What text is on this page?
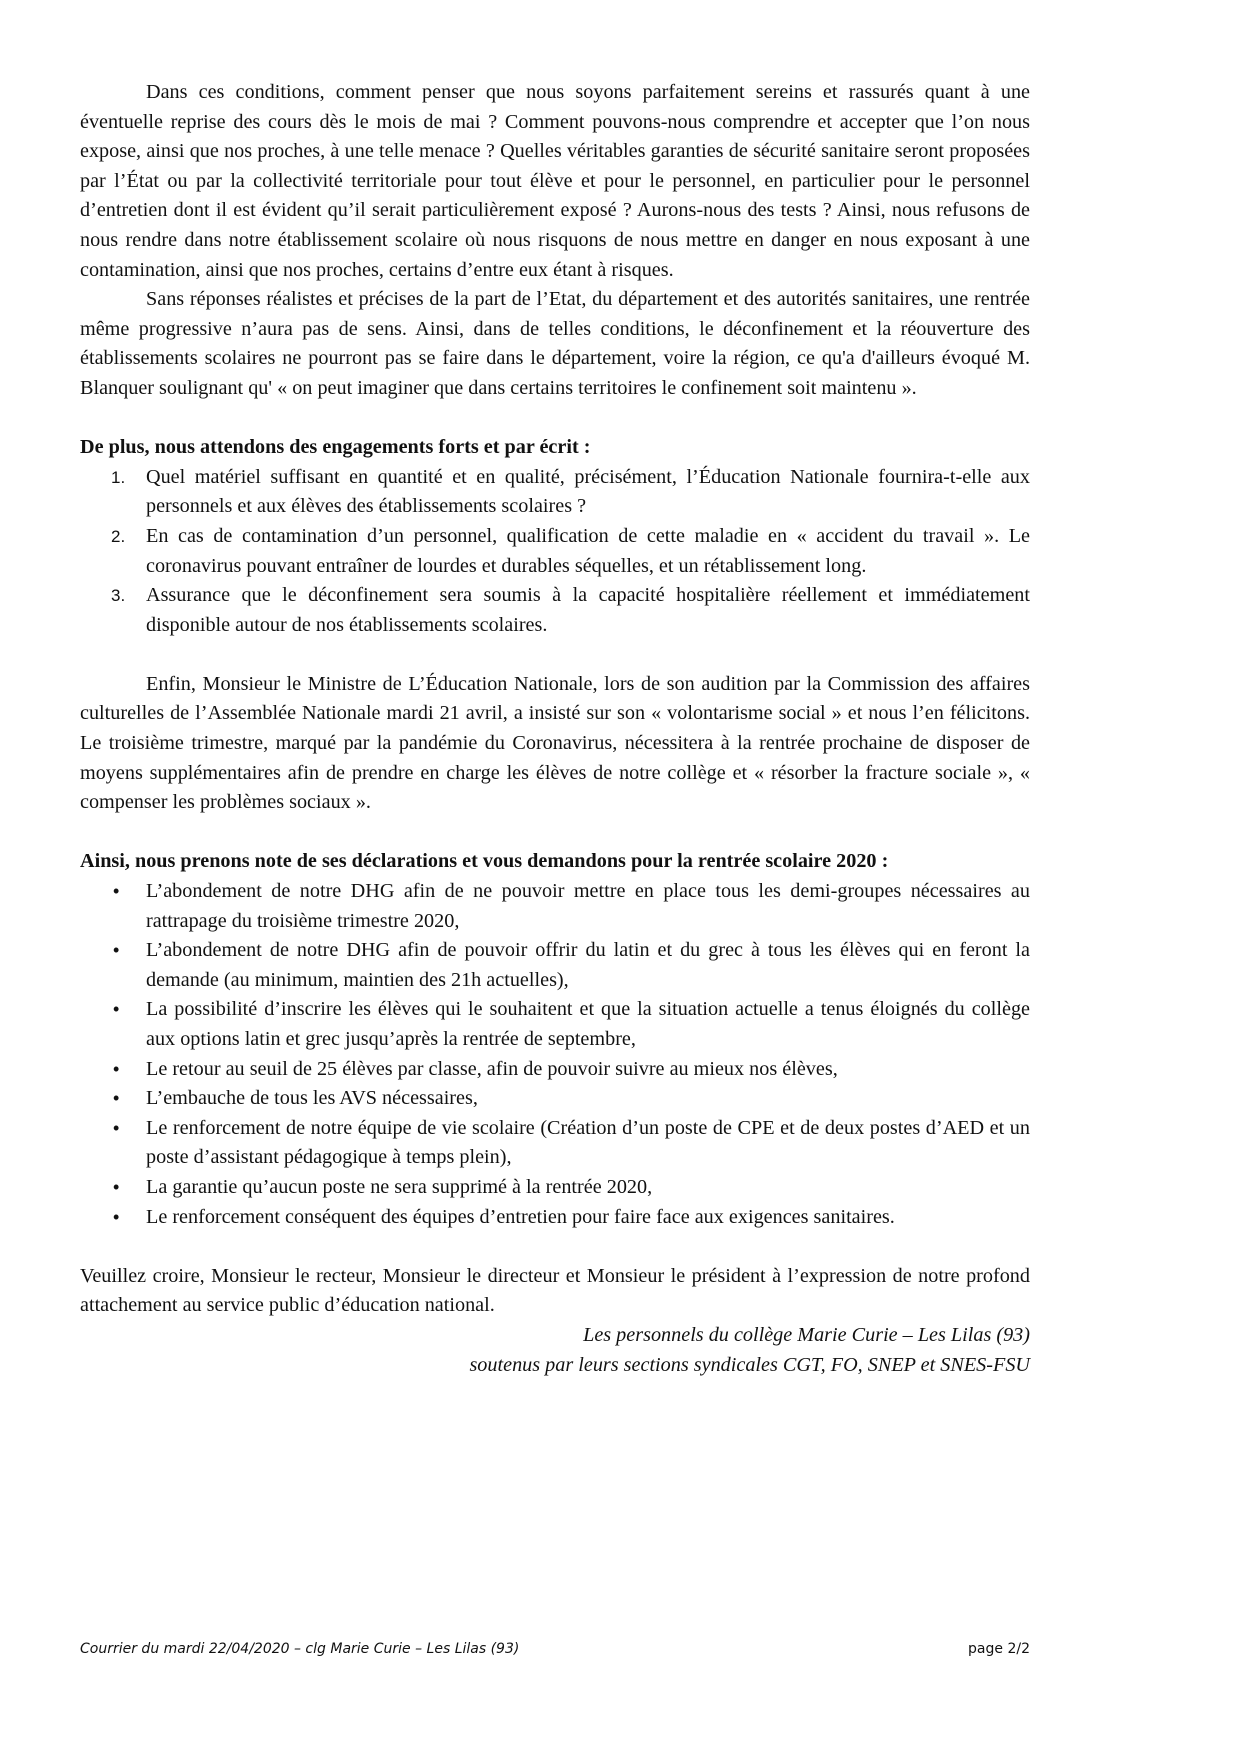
Dans ces conditions, comment penser que nous soyons parfaitement sereins et rassurés quant à une éventuelle reprise des cours dès le mois de mai ? Comment pouvons-nous comprendre et accepter que l’on nous expose, ainsi que nos proches, à une telle menace ? Quelles véritables garanties de sécurité sanitaire seront proposées par l’État ou par la collectivité territoriale pour tout élève et pour le personnel, en particulier pour le personnel d’entretien dont il est évident qu’il serait particulièrement exposé ? Aurons-nous des tests ? Ainsi, nous refusons de nous rendre dans notre établissement scolaire où nous risquons de nous mettre en danger en nous exposant à une contamination, ainsi que nos proches, certains d’entre eux étant à risques.

Sans réponses réalistes et précises de la part de l’Etat, du département et des autorités sanitaires, une rentrée même progressive n’aura pas de sens. Ainsi, dans de telles conditions, le déconfinement et la réouverture des établissements scolaires ne pourront pas se faire dans le département, voire la région, ce qu'a d'ailleurs évoqué M. Blanquer soulignant qu' « on peut imaginer que dans certains territoires le confinement soit maintenu ».

De plus, nous attendons des engagements forts et par écrit :

1. Quel matériel suffisant en quantité et en qualité, précisément, l’Éducation Nationale fournira-t-elle aux personnels et aux élèves des établissements scolaires ?
2. En cas de contamination d’un personnel, qualification de cette maladie en « accident du travail ». Le coronavirus pouvant entraîner de lourdes et durables séquelles, et un rétablissement long.
3. Assurance que le déconfinement sera soumis à la capacité hospitalière réellement et immédiatement disponible autour de nos établissements scolaires.

Enfin, Monsieur le Ministre de L’Éducation Nationale, lors de son audition par la Commission des affaires culturelles de l’Assemblée Nationale mardi 21 avril, a insisté sur son « volontarisme social » et nous l’en félicitons. Le troisième trimestre, marqué par la pandémie du Coronavirus, nécessitera à la rentrée prochaine de disposer de moyens supplémentaires afin de prendre en charge les élèves de notre collège et « résorber la fracture sociale », « compenser les problèmes sociaux ».

Ainsi, nous prenons note de ses déclarations et vous demandons pour la rentrée scolaire 2020 :

• L’abondement de notre DHG afin de ne pouvoir mettre en place tous les demi-groupes nécessaires au rattrapage du troisième trimestre 2020,
• L’abondement de notre DHG afin de pouvoir offrir du latin et du grec à tous les élèves qui en feront la demande (au minimum, maintien des 21h actuelles),
• La possibilité d’inscrire les élèves qui le souhaitent et que la situation actuelle a tenus éloignés du collège aux options latin et grec jusqu’après la rentrée de septembre,
• Le retour au seuil de 25 élèves par classe, afin de pouvoir suivre au mieux nos élèves,
• L’embauche de tous les AVS nécessaires,
• Le renforcement de notre équipe de vie scolaire (Création d’un poste de CPE et de deux postes d’AED et un poste d’assistant pédagogique à temps plein),
• La garantie qu’aucun poste ne sera supprimé à la rentrée 2020,
• Le renforcement conséquent des équipes d’entretien pour faire face aux exigences sanitaires.

Veuillez croire, Monsieur le recteur, Monsieur le directeur et Monsieur le président à l’expression de notre profond attachement au service public d’éducation national.

Les personnels du collège Marie Curie – Les Lilas (93)

soutenus par leurs sections syndicales CGT, FO, SNEP et SNES-FSU

Courrier du mardi 22/04/2020 – clg Marie Curie – Les Lilas (93)	page 2/2
